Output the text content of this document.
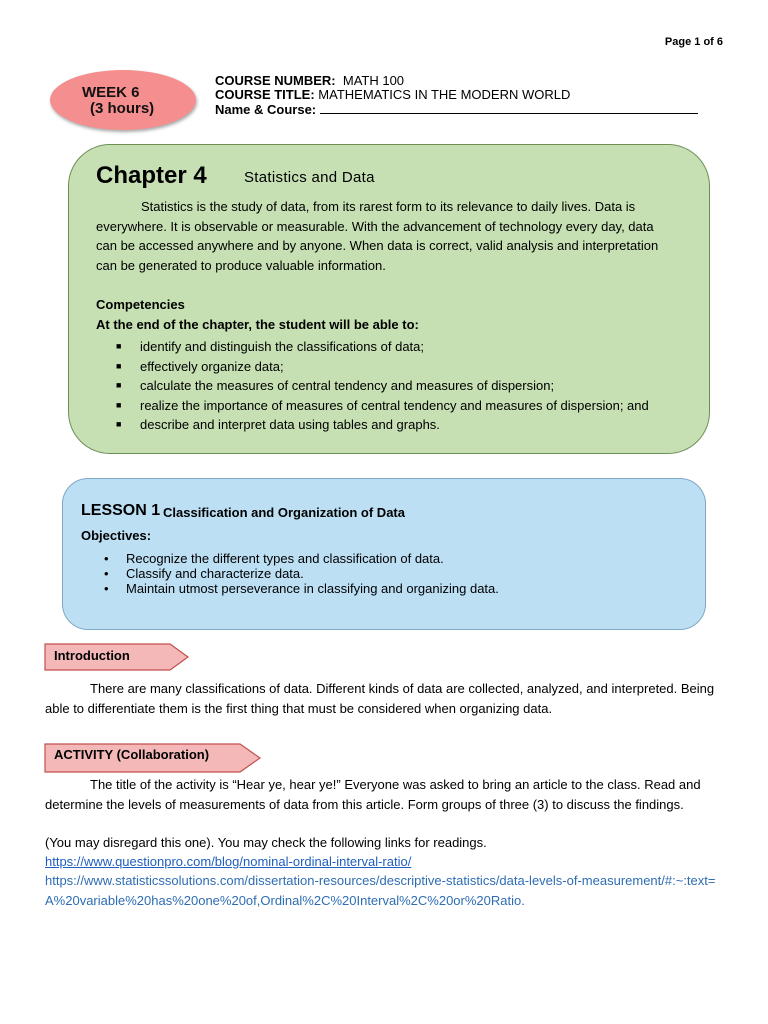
Page 1 of 6
WEEK 6
(3 hours)
COURSE NUMBER: MATH 100
COURSE TITLE: MATHEMATICS IN THE MODERN WORLD
Name & Course:
Chapter 4 Statistics and Data
Statistics is the study of data, from its rarest form to its relevance to daily lives. Data is everywhere. It is observable or measurable. With the advancement of technology every day, data can be accessed anywhere and by anyone. When data is correct, valid analysis and interpretation can be generated to produce valuable information.
Competencies
At the end of the chapter, the student will be able to:
■ identify and distinguish the classifications of data;
■ effectively organize data;
■ calculate the measures of central tendency and measures of dispersion;
■ realize the importance of measures of central tendency and measures of dispersion; and
■ describe and interpret data using tables and graphs.
LESSON 1 Classification and Organization of Data
Objectives:
• Recognize the different types and classification of data.
• Classify and characterize data.
• Maintain utmost perseverance in classifying and organizing data.
Introduction
There are many classifications of data. Different kinds of data are collected, analyzed, and interpreted. Being able to differentiate them is the first thing that must be considered when organizing data.
ACTIVITY (Collaboration)
The title of the activity is “Hear ye, hear ye!” Everyone was asked to bring an article to the class. Read and determine the levels of measurements of data from this article. Form groups of three (3) to discuss the findings.
(You may disregard this one). You may check the following links for readings.
https://www.questionpro.com/blog/nominal-ordinal-interval-ratio/
https://www.statisticssolutions.com/dissertation-resources/descriptive-statistics/data-levels-of-measurement/#:~:text=A%20variable%20has%20one%20of,Ordinal%2C%20Interval%2C%20or%20Ratio.
